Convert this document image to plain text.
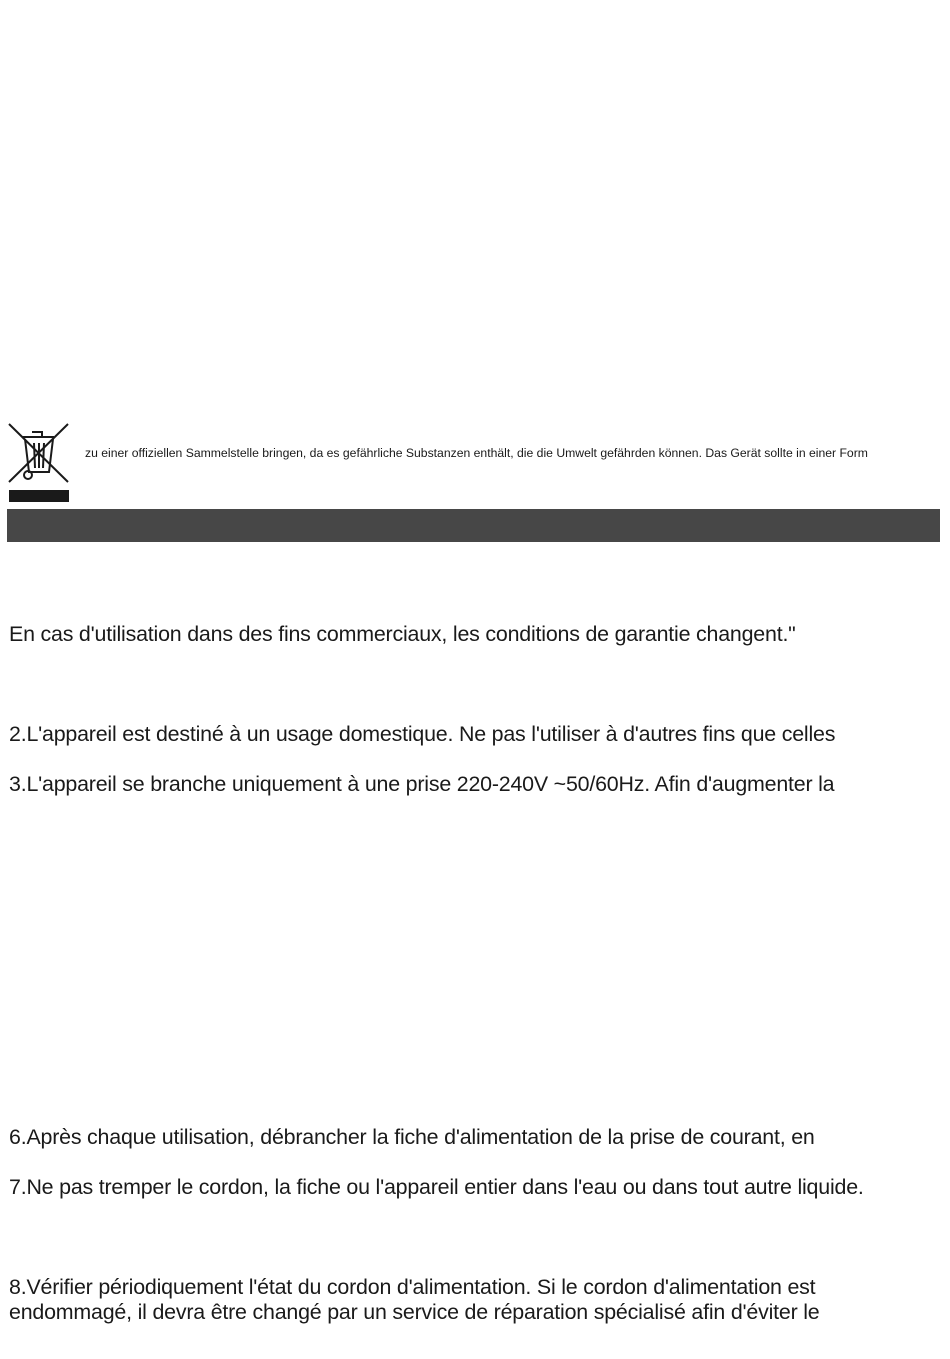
zu einer offiziellen Sammelstelle bringen, da es gefährliche Substanzen enthält, die die Umwelt gefährden können. Das Gerät sollte in einer Form
En cas d'utilisation dans des fins commerciaux, les conditions de garantie changent."
2.L'appareil est destiné à un usage domestique. Ne pas l'utiliser à d'autres fins que celles
3.L'appareil se branche uniquement à une prise 220-240V ~50/60Hz. Afin d'augmenter la
6.Après chaque utilisation, débrancher la fiche d'alimentation de la prise de courant, en
7.Ne pas tremper le cordon, la fiche ou l'appareil entier dans l'eau ou dans tout autre liquide.
8.Vérifier périodiquement l'état du cordon d'alimentation. Si le cordon d'alimentation est
endommagé, il devra être changé par un service de réparation spécialisé afin d'éviter le
